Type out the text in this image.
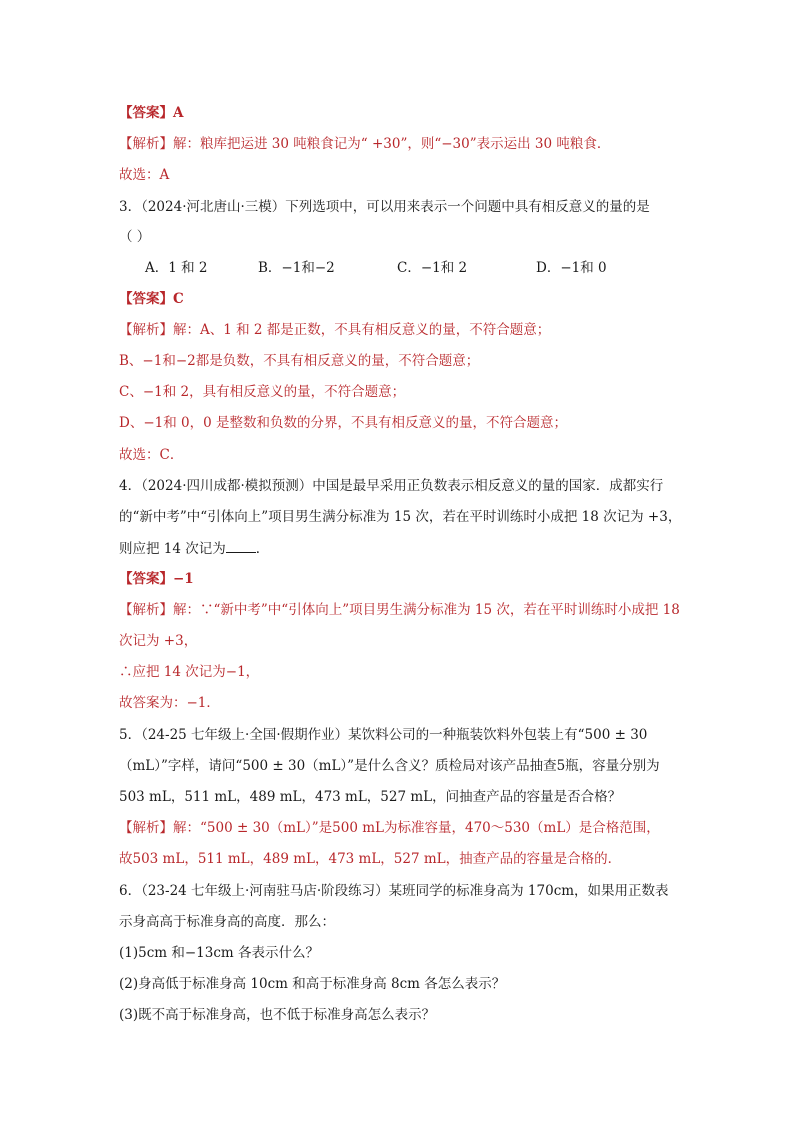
【答案】A
【解析】解：粮库把运进 30 吨粮食记为“ +30”，则“−30”表示运出 30 吨粮食．
故选：A
3．（2024·河北唐山·三模）下列选项中，可以用来表示一个问题中具有相反意义的量的是
（ ）
【答案】C
【解析】解：A、1 和 2 都是正数，不具有相反意义的量，不符合题意；
B、−1和−2都是负数，不具有相反意义的量，不符合题意；
C、−1和 2，具有相反意义的量，不符合题意；
D、−1和 0，0 是整数和负数的分界，不具有相反意义的量，不符合题意；
故选：C．
4．（2024·四川成都·模拟预测）中国是最早采用正负数表示相反意义的量的国家．成都实行
的“新中考”中“引体向上”项目男生满分标准为 15 次，若在平时训练时小成把 18 次记为 +3，
【答案】−1
【解析】解：∵“新中考”中“引体向上”项目男生满分标准为 15 次，若在平时训练时小成把 18
次记为 +3，
∴应把 14 次记为−1，
故答案为：−1．
5．（24-25 七年级上·全国·假期作业）某饮料公司的一种瓶装饮料外包装上有“500 ± 30
（mL）”字样，请问“500 ± 30（mL）”是什么含义？质检局对该产品抽查5瓶，容量分别为
503 mL，511 mL，489 mL，473 mL，527 mL，问抽查产品的容量是否合格？
【解析】解：“500 ± 30（mL）”是500 mL为标准容量，470～530（mL）是合格范围，
故503 mL，511 mL，489 mL，473 mL，527 mL，抽查产品的容量是合格的．
6．（23-24 七年级上·河南驻马店·阶段练习）某班同学的标准身高为 170cm，如果用正数表
示身高高于标准身高的高度．那么：
(1)5cm 和−13cm 各表示什么？
(2)身高低于标准身高 10cm 和高于标准身高 8cm 各怎么表示？
(3)既不高于标准身高，也不低于标准身高怎么表示？
A．1 和 2	B．−1和−2	C．−1和 2	D．−1和 0
则应把 14 次记为 ．
